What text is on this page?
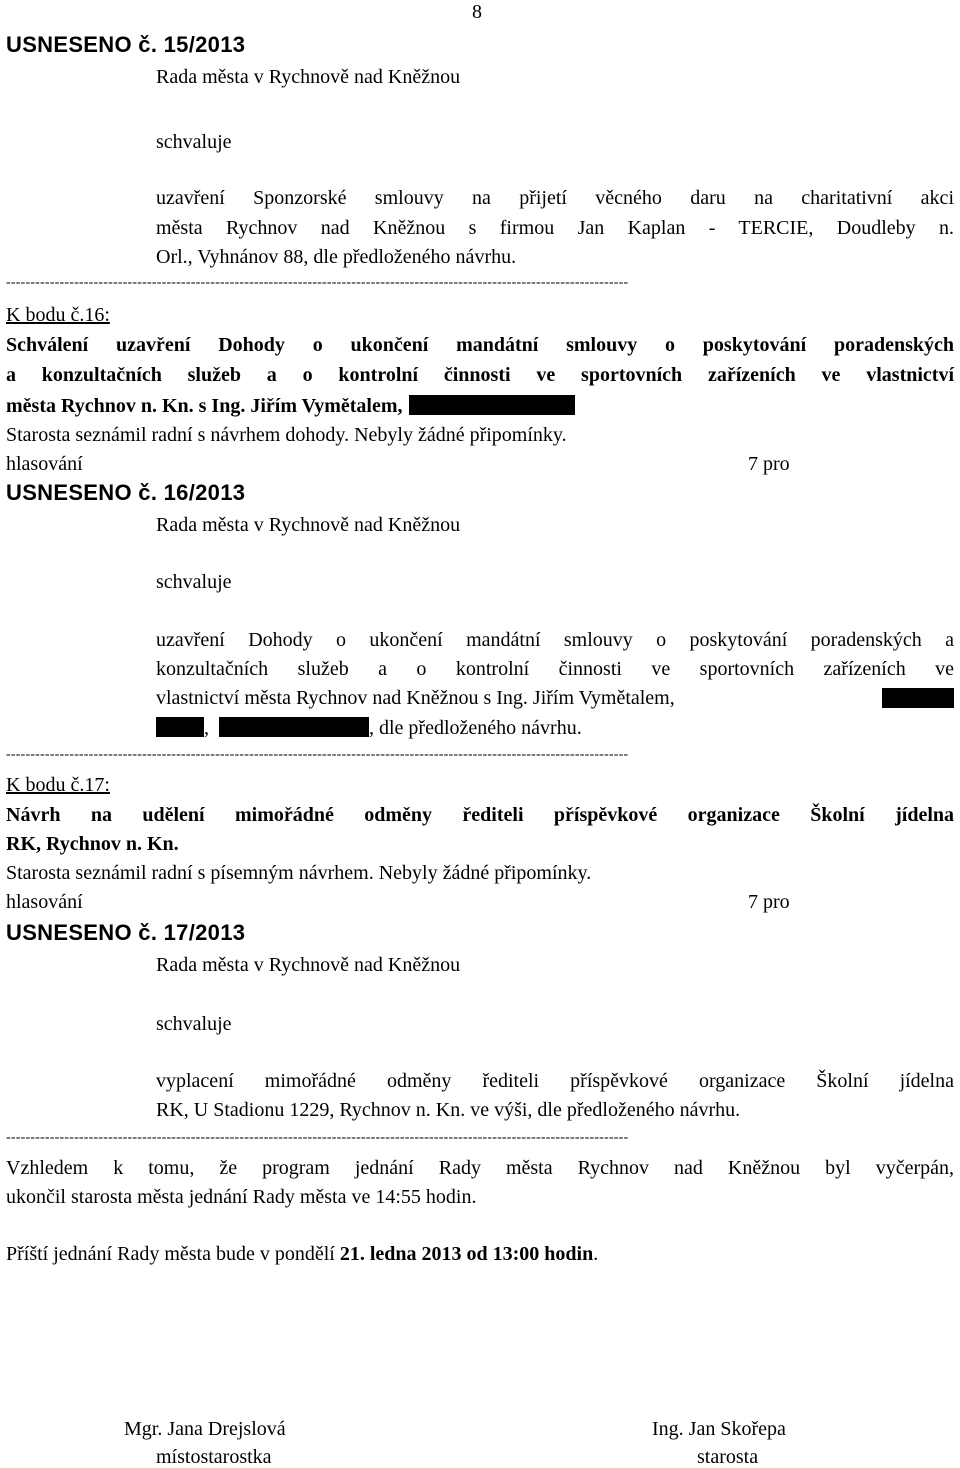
8
USNESENO č. 15/2013
Rada města v Rychnově nad Kněžnou
schvaluje
uzavření Sponzorské smlouvy na přijetí věcného daru na charitativní akci
města Rychnov nad Kněžnou s firmou Jan Kaplan - TERCIE, Doudleby n.
Orl., Vyhnánov 88, dle předloženého návrhu.
--------------------------------------------------------------------------------------------------------------------------------
K bodu č.16:
Schválení uzavření Dohody o ukončení mandátní smlouvy o poskytování poradenských
a konzultačních služeb a o kontrolní činnosti ve sportovních zařízeních ve vlastnictví
města Rychnov n. Kn. s Ing. Jiřím Vymětalem,
Starosta seznámil radní s návrhem dohody. Nebyly žádné připomínky.
hlasování	7 pro
USNESENO č. 16/2013
Rada města v Rychnově nad Kněžnou
schvaluje
uzavření Dohody o ukončení mandátní smlouvy o poskytování poradenských a
konzultačních služeb a o kontrolní činnosti ve sportovních zařízeních ve
vlastnictví města Rychnov nad Kněžnou s Ing. Jiřím Vymětalem,
,	, dle předloženého návrhu.
--------------------------------------------------------------------------------------------------------------------------------
K bodu č.17:
Návrh na udělení mimořádné odměny řediteli příspěvkové organizace Školní jídelna
RK, Rychnov n. Kn.
Starosta seznámil radní s písemným návrhem. Nebyly žádné připomínky.
hlasování	7 pro
USNESENO č. 17/2013
Rada města v Rychnově nad Kněžnou
schvaluje
vyplacení mimořádné odměny řediteli příspěvkové organizace Školní jídelna
RK, U Stadionu 1229, Rychnov n. Kn. ve výši, dle předloženého návrhu.
--------------------------------------------------------------------------------------------------------------------------------
Vzhledem k tomu, že program jednání Rady města Rychnov nad Kněžnou byl vyčerpán,
ukončil starosta města jednání Rady města ve 14:55 hodin.
Příští jednání Rady města bude v pondělí 21. ledna 2013 od 13:00 hodin.
Mgr. Jana Drejslová
místostarostka
Ing. Jan Skořepa
starosta
